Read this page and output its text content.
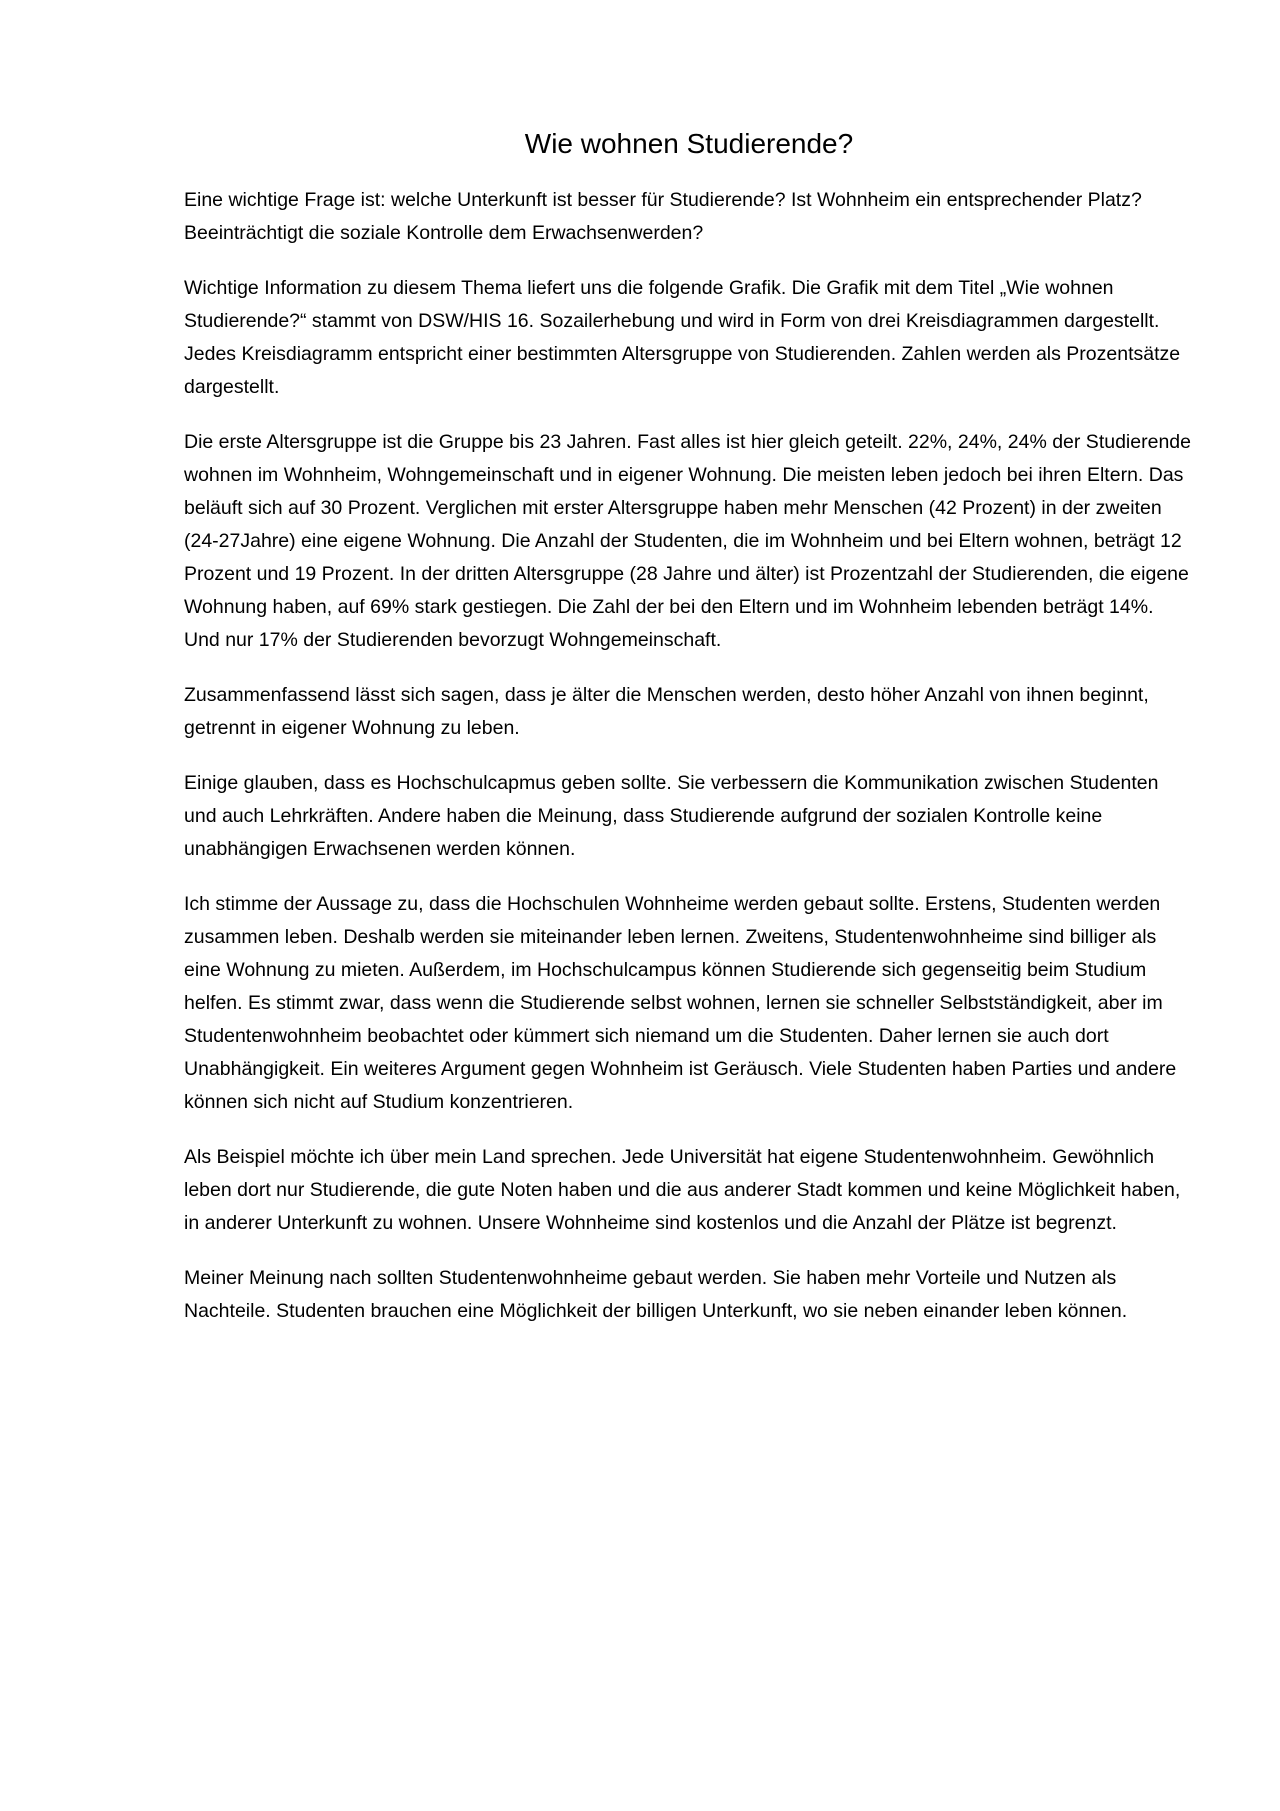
Wie wohnen Studierende?

Eine wichtige Frage ist: welche Unterkunft ist besser für Studierende? Ist Wohnheim ein entsprechender Platz? Beeinträchtigt die soziale Kontrolle dem Erwachsenwerden?

Wichtige Information zu diesem Thema liefert uns die folgende Grafik. Die Grafik mit dem Titel „Wie wohnen Studierende?“ stammt von DSW/HIS 16. Sozailerhebung und wird in Form von drei Kreisdiagrammen dargestellt. Jedes Kreisdiagramm entspricht einer bestimmten Altersgruppe von Studierenden. Zahlen werden als Prozentsätze dargestellt.

Die erste Altersgruppe ist die Gruppe bis 23 Jahren. Fast alles ist hier gleich geteilt. 22%, 24%, 24% der Studierende wohnen im Wohnheim, Wohngemeinschaft und in eigener Wohnung. Die meisten leben jedoch bei ihren Eltern. Das beläuft sich auf 30 Prozent. Verglichen mit erster Altersgruppe haben mehr Menschen (42 Prozent) in der zweiten (24-27Jahre) eine eigene Wohnung. Die Anzahl der Studenten, die im Wohnheim und bei Eltern wohnen, beträgt 12 Prozent und 19 Prozent. In der dritten Altersgruppe (28 Jahre und älter) ist Prozentzahl der Studierenden, die eigene Wohnung haben, auf 69% stark gestiegen. Die Zahl der bei den Eltern und im Wohnheim lebenden beträgt 14%. Und nur 17% der Studierenden bevorzugt Wohngemeinschaft.

Zusammenfassend lässt sich sagen, dass je älter die Menschen werden, desto höher Anzahl von ihnen beginnt, getrennt in eigener Wohnung zu leben.

Einige glauben, dass es Hochschulcapmus geben sollte. Sie verbessern die Kommunikation zwischen Studenten und auch Lehrkräften. Andere haben die Meinung, dass Studierende aufgrund der sozialen Kontrolle keine unabhängigen Erwachsenen werden können.

Ich stimme der Aussage zu, dass die Hochschulen Wohnheime werden gebaut sollte. Erstens, Studenten werden zusammen leben. Deshalb werden sie miteinander leben lernen. Zweitens, Studentenwohnheime sind billiger als eine Wohnung zu mieten. Außerdem, im Hochschulcampus können Studierende sich gegenseitig beim Studium helfen. Es stimmt zwar, dass wenn die Studierende selbst wohnen, lernen sie schneller Selbstständigkeit, aber im Studentenwohnheim beobachtet oder kümmert sich niemand um die Studenten. Daher lernen sie auch dort Unabhängigkeit. Ein weiteres Argument gegen Wohnheim ist Geräusch. Viele Studenten haben Parties und andere können sich nicht auf Studium konzentrieren.

Als Beispiel möchte ich über mein Land sprechen. Jede Universität hat eigene Studentenwohnheim. Gewöhnlich leben dort nur Studierende, die gute Noten haben und die aus anderer Stadt kommen und keine Möglichkeit haben, in anderer Unterkunft zu wohnen. Unsere Wohnheime sind kostenlos und die Anzahl der Plätze ist begrenzt.

Meiner Meinung nach sollten Studentenwohnheime gebaut werden. Sie haben mehr Vorteile und Nutzen als Nachteile. Studenten brauchen eine Möglichkeit der billigen Unterkunft, wo sie neben einander leben können.
